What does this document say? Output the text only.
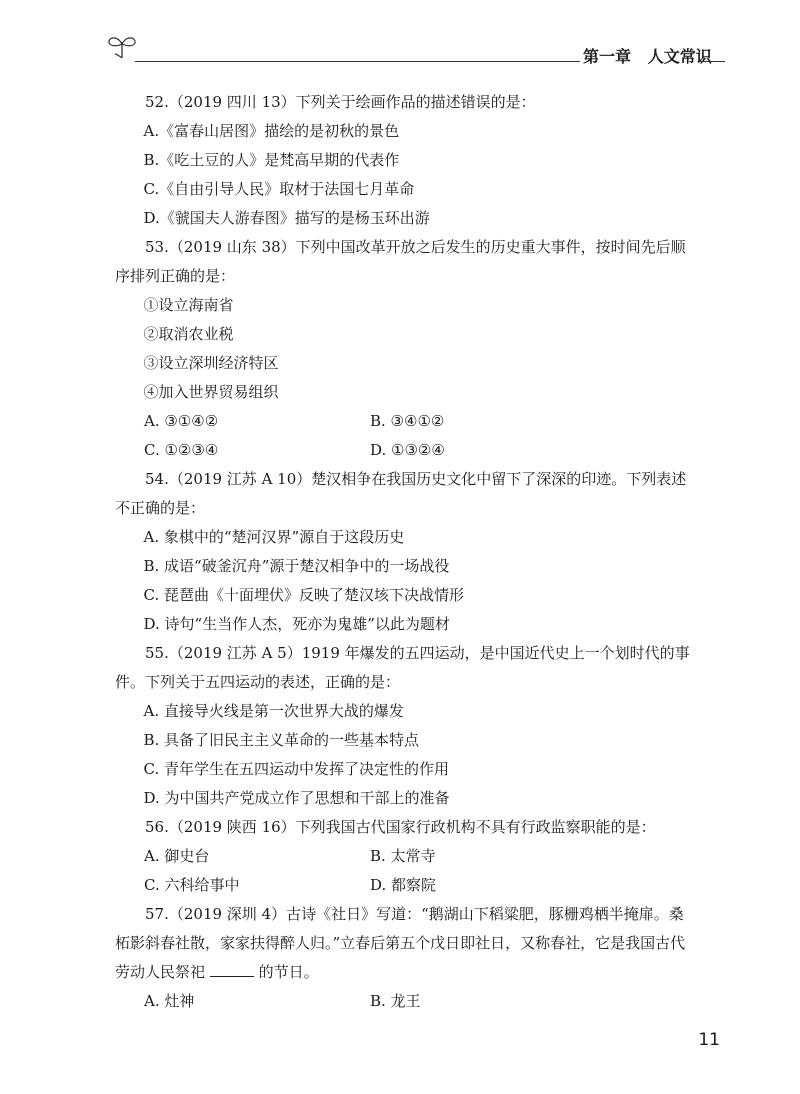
第一章 人文常识

52.（2019 四川 13）下列关于绘画作品的描述错误的是：

A.《富春山居图》描绘的是初秋的景色

B.《吃土豆的人》是梵高早期的代表作

C.《自由引导人民》取材于法国七月革命

D.《虢国夫人游春图》描写的是杨玉环出游

53.（2019 山东 38）下列中国改革开放之后发生的历史重大事件，按时间先后顺序排列正确的是：

①设立海南省

②取消农业税

③设立深圳经济特区

④加入世界贸易组织

A. ③①④②	B. ③④①②
C. ①②③④	D. ①③②④

54.（2019 江苏 A 10）楚汉相争在我国历史文化中留下了深深的印迹。下列表述不正确的是：

A. 象棋中的“楚河汉界”源自于这段历史

B. 成语“破釜沉舟”源于楚汉相争中的一场战役

C. 琵琶曲《十面埋伏》反映了楚汉垓下决战情形

D. 诗句“生当作人杰，死亦为鬼雄”以此为题材

55.（2019 江苏 A 5）1919 年爆发的五四运动，是中国近代史上一个划时代的事件。下列关于五四运动的表述，正确的是：

A. 直接导火线是第一次世界大战的爆发

B. 具备了旧民主主义革命的一些基本特点

C. 青年学生在五四运动中发挥了决定性的作用

D. 为中国共产党成立作了思想和干部上的准备

56.（2019 陕西 16）下列我国古代国家行政机构不具有行政监察职能的是：

A. 御史台	B. 太常寺
C. 六科给事中	D. 都察院

57.（2019 深圳 4）古诗《社日》写道：“鹅湖山下稻粱肥，豚栅鸡栖半掩扉。桑柘影斜春社散，家家扶得醉人归。”立春后第五个戊日即社日，又称春社，它是我国古代劳动人民祭祀	的节日。

A. 灶神	B. 龙王
11
